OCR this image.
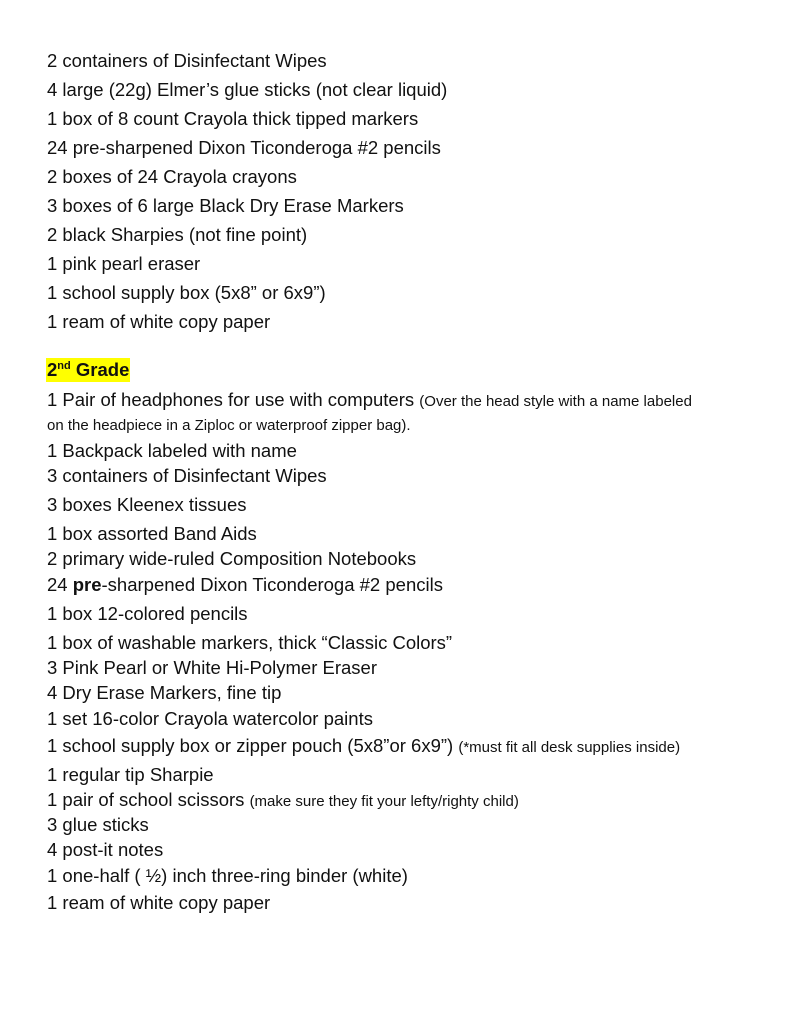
2 containers of Disinfectant Wipes
4 large (22g) Elmer’s glue sticks (not clear liquid)
1 box of 8 count Crayola thick tipped markers
24 pre-sharpened Dixon Ticonderoga #2 pencils
2 boxes of 24 Crayola crayons
3 boxes of 6 large Black Dry Erase Markers
2 black Sharpies (not fine point)
1 pink pearl eraser
1 school supply box (5x8” or 6x9”)
1 ream of white copy paper
2nd Grade
1 Pair of headphones for use with computers (Over the head style with a name labeled
on the headpiece in a Ziploc or waterproof zipper bag).
1 Backpack labeled with name
3 containers of Disinfectant Wipes
3 boxes Kleenex tissues
1 box assorted Band Aids
2 primary wide-ruled Composition Notebooks
24 pre-sharpened Dixon Ticonderoga #2 pencils
1 box 12-colored pencils
1 box of washable markers, thick “Classic Colors”
3 Pink Pearl or White Hi-Polymer Eraser
4 Dry Erase Markers, fine tip
1 set 16-color Crayola watercolor paints
1 school supply box or zipper pouch (5x8”or 6x9”) (*must fit all desk supplies inside)
1 regular tip Sharpie
1 pair of school scissors (make sure they fit your lefty/righty child)
3 glue sticks
4 post-it notes
1 one-half ( ½) inch three-ring binder (white)
1 ream of white copy paper
